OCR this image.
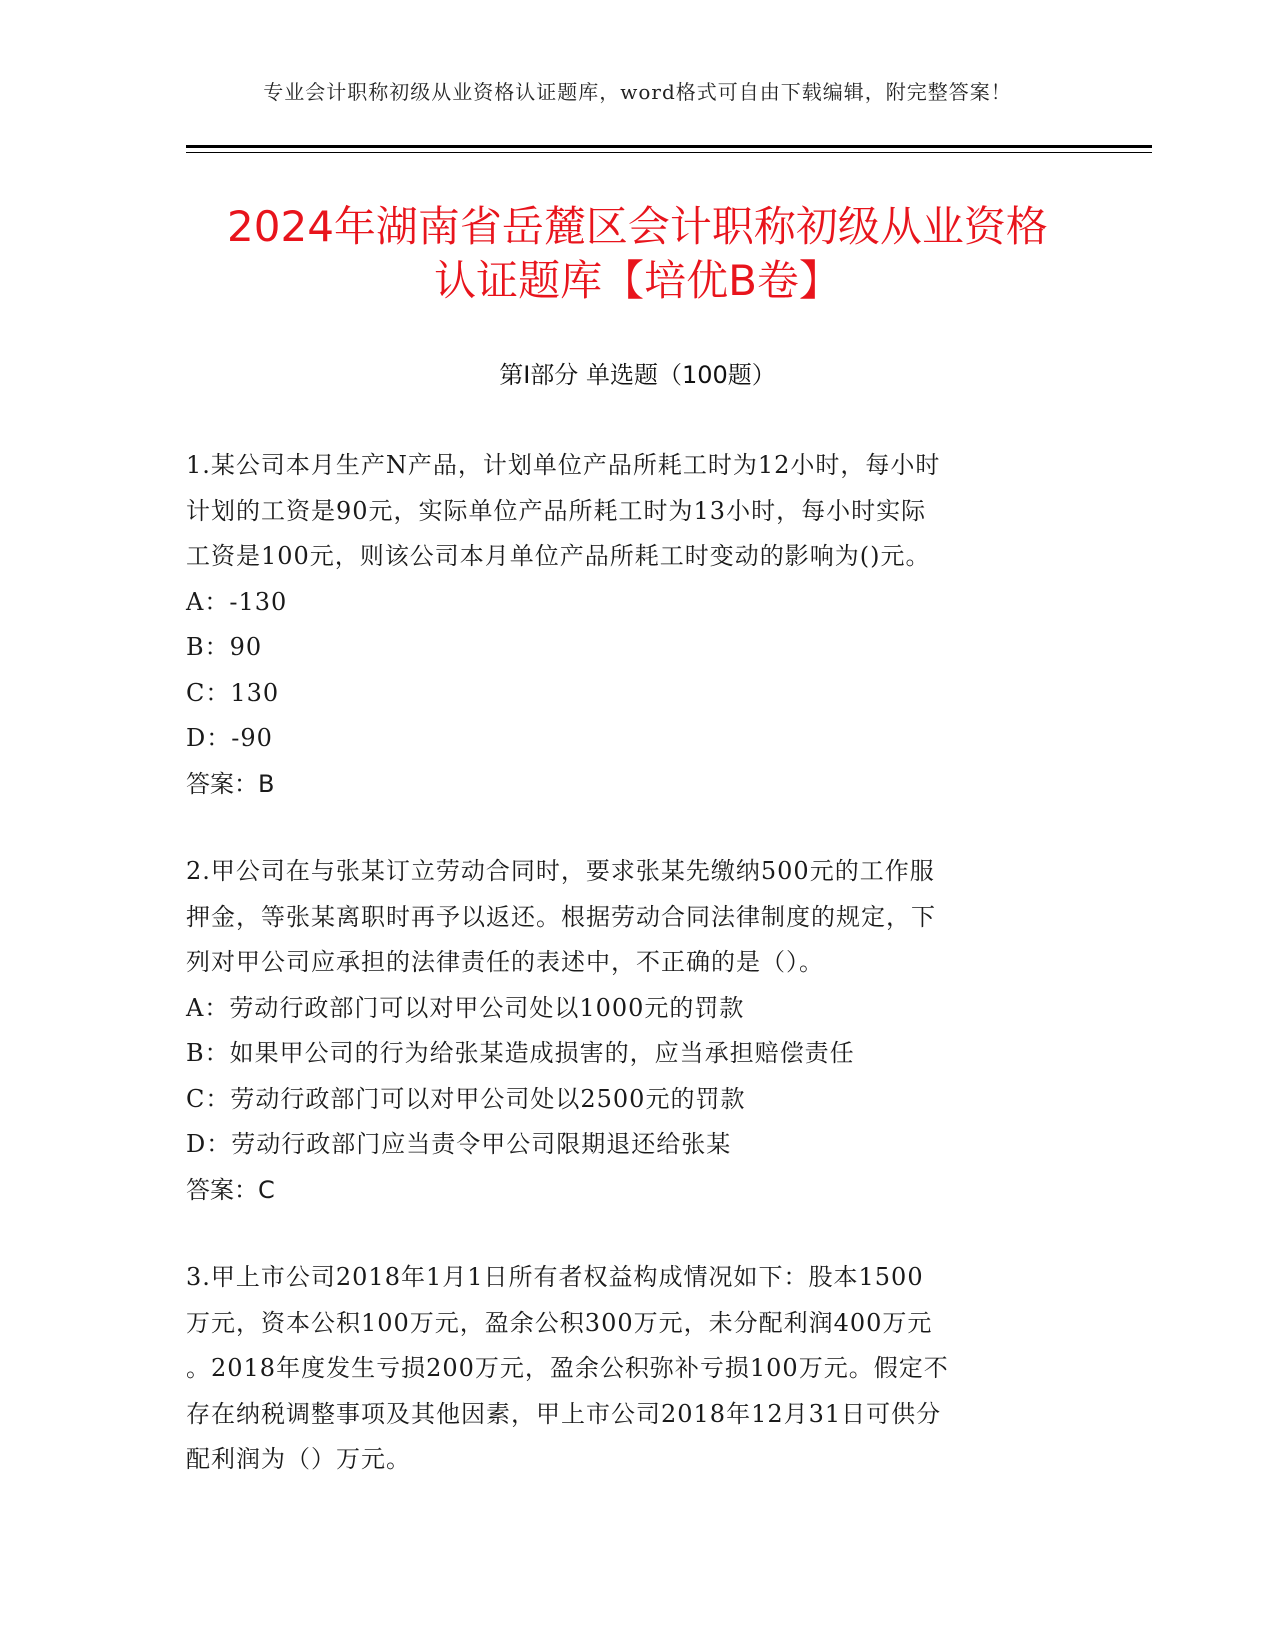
专业会计职称初级从业资格认证题库，word格式可自由下载编辑，附完整答案！
2024年湖南省岳麓区会计职称初级从业资格
认证题库【培优B卷】
第Ⅰ部分 单选题（100题）

1.某公司本月生产N产品，计划单位产品所耗工时为12小时，每小时

计划的工资是90元，实际单位产品所耗工时为13小时，每小时实际

工资是100元，则该公司本月单位产品所耗工时变动的影响为()元。

A：-130

B：90

C：130

D：-90

答案：B

2.甲公司在与张某订立劳动合同时，要求张某先缴纳500元的工作服

押金，等张某离职时再予以返还。根据劳动合同法律制度的规定，下

列对甲公司应承担的法律责任的表述中，不正确的是（）。

A：劳动行政部门可以对甲公司处以1000元的罚款

B：如果甲公司的行为给张某造成损害的，应当承担赔偿责任

C：劳动行政部门可以对甲公司处以2500元的罚款

D：劳动行政部门应当责令甲公司限期退还给张某

答案：C

3.甲上市公司2018年1月1日所有者权益构成情况如下：股本1500

万元，资本公积100万元，盈余公积300万元，未分配利润400万元

。2018年度发生亏损200万元，盈余公积弥补亏损100万元。假定不

存在纳税调整事项及其他因素，甲上市公司2018年12月31日可供分

配利润为（）万元。
